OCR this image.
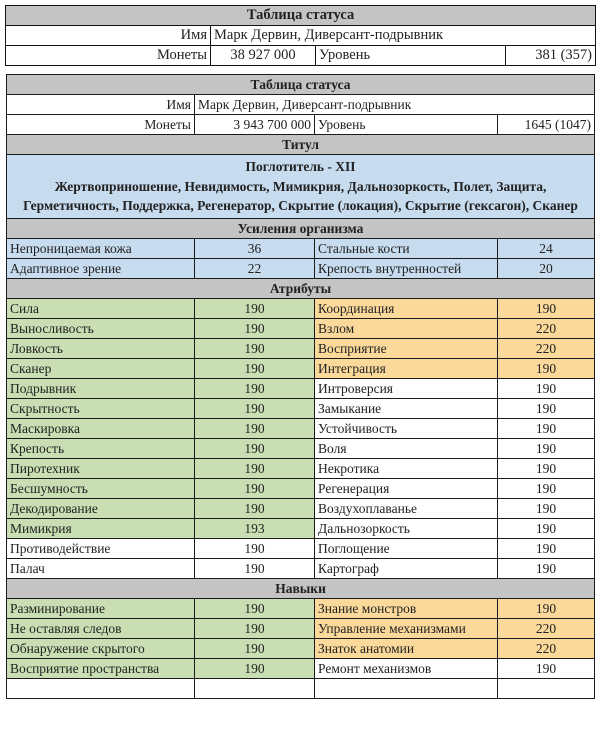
Таблица статуса			
Имя	Марк Дервин, Диверсант-подрывник		
Монеты	38 927 000	Уровень	381 (357)
Таблица статуса			
Имя	Марк Дервин, Диверсант-подрывник		
Монеты	3 943 700 000	Уровень	1645 (1047)
Титул			

Поглотитель - XII
Жертвоприношение, Невидимость, Мимикрия, Дальнозоркость, Полет, Защита, Герметичность, Поддержка, Регенератор, Скрытие (локация), Скрытие (гексагон), Сканер			

Усиления организма			
Непроницаемая кожа	36	Стальные кости	24
Адаптивное зрение	22	Крепость внутренностей	20
Атрибуты			
Сила	190	Координация	190
Выносливость	190	Взлом	220
Ловкость	190	Восприятие	220
Сканер	190	Интеграция	190
Подрывник	190	Интроверсия	190
Скрытность	190	Замыкание	190
Маскировка	190	Устойчивость	190
Крепость	190	Воля	190
Пиротехник	190	Некротика	190
Бесшумность	190	Регенерация	190
Декодирование	190	Воздухоплаванье	190
Мимикрия	193	Дальнозоркость	190
Противодействие	190	Поглощение	190
Палач	190	Картограф	190
Навыки			
Разминирование	190	Знание монстров	190
Не оставляя следов	190	Управление механизмами	220
Обнаружение скрытого	190	Знаток анатомии	220
Восприятие пространства	190	Ремонт механизмов	190
